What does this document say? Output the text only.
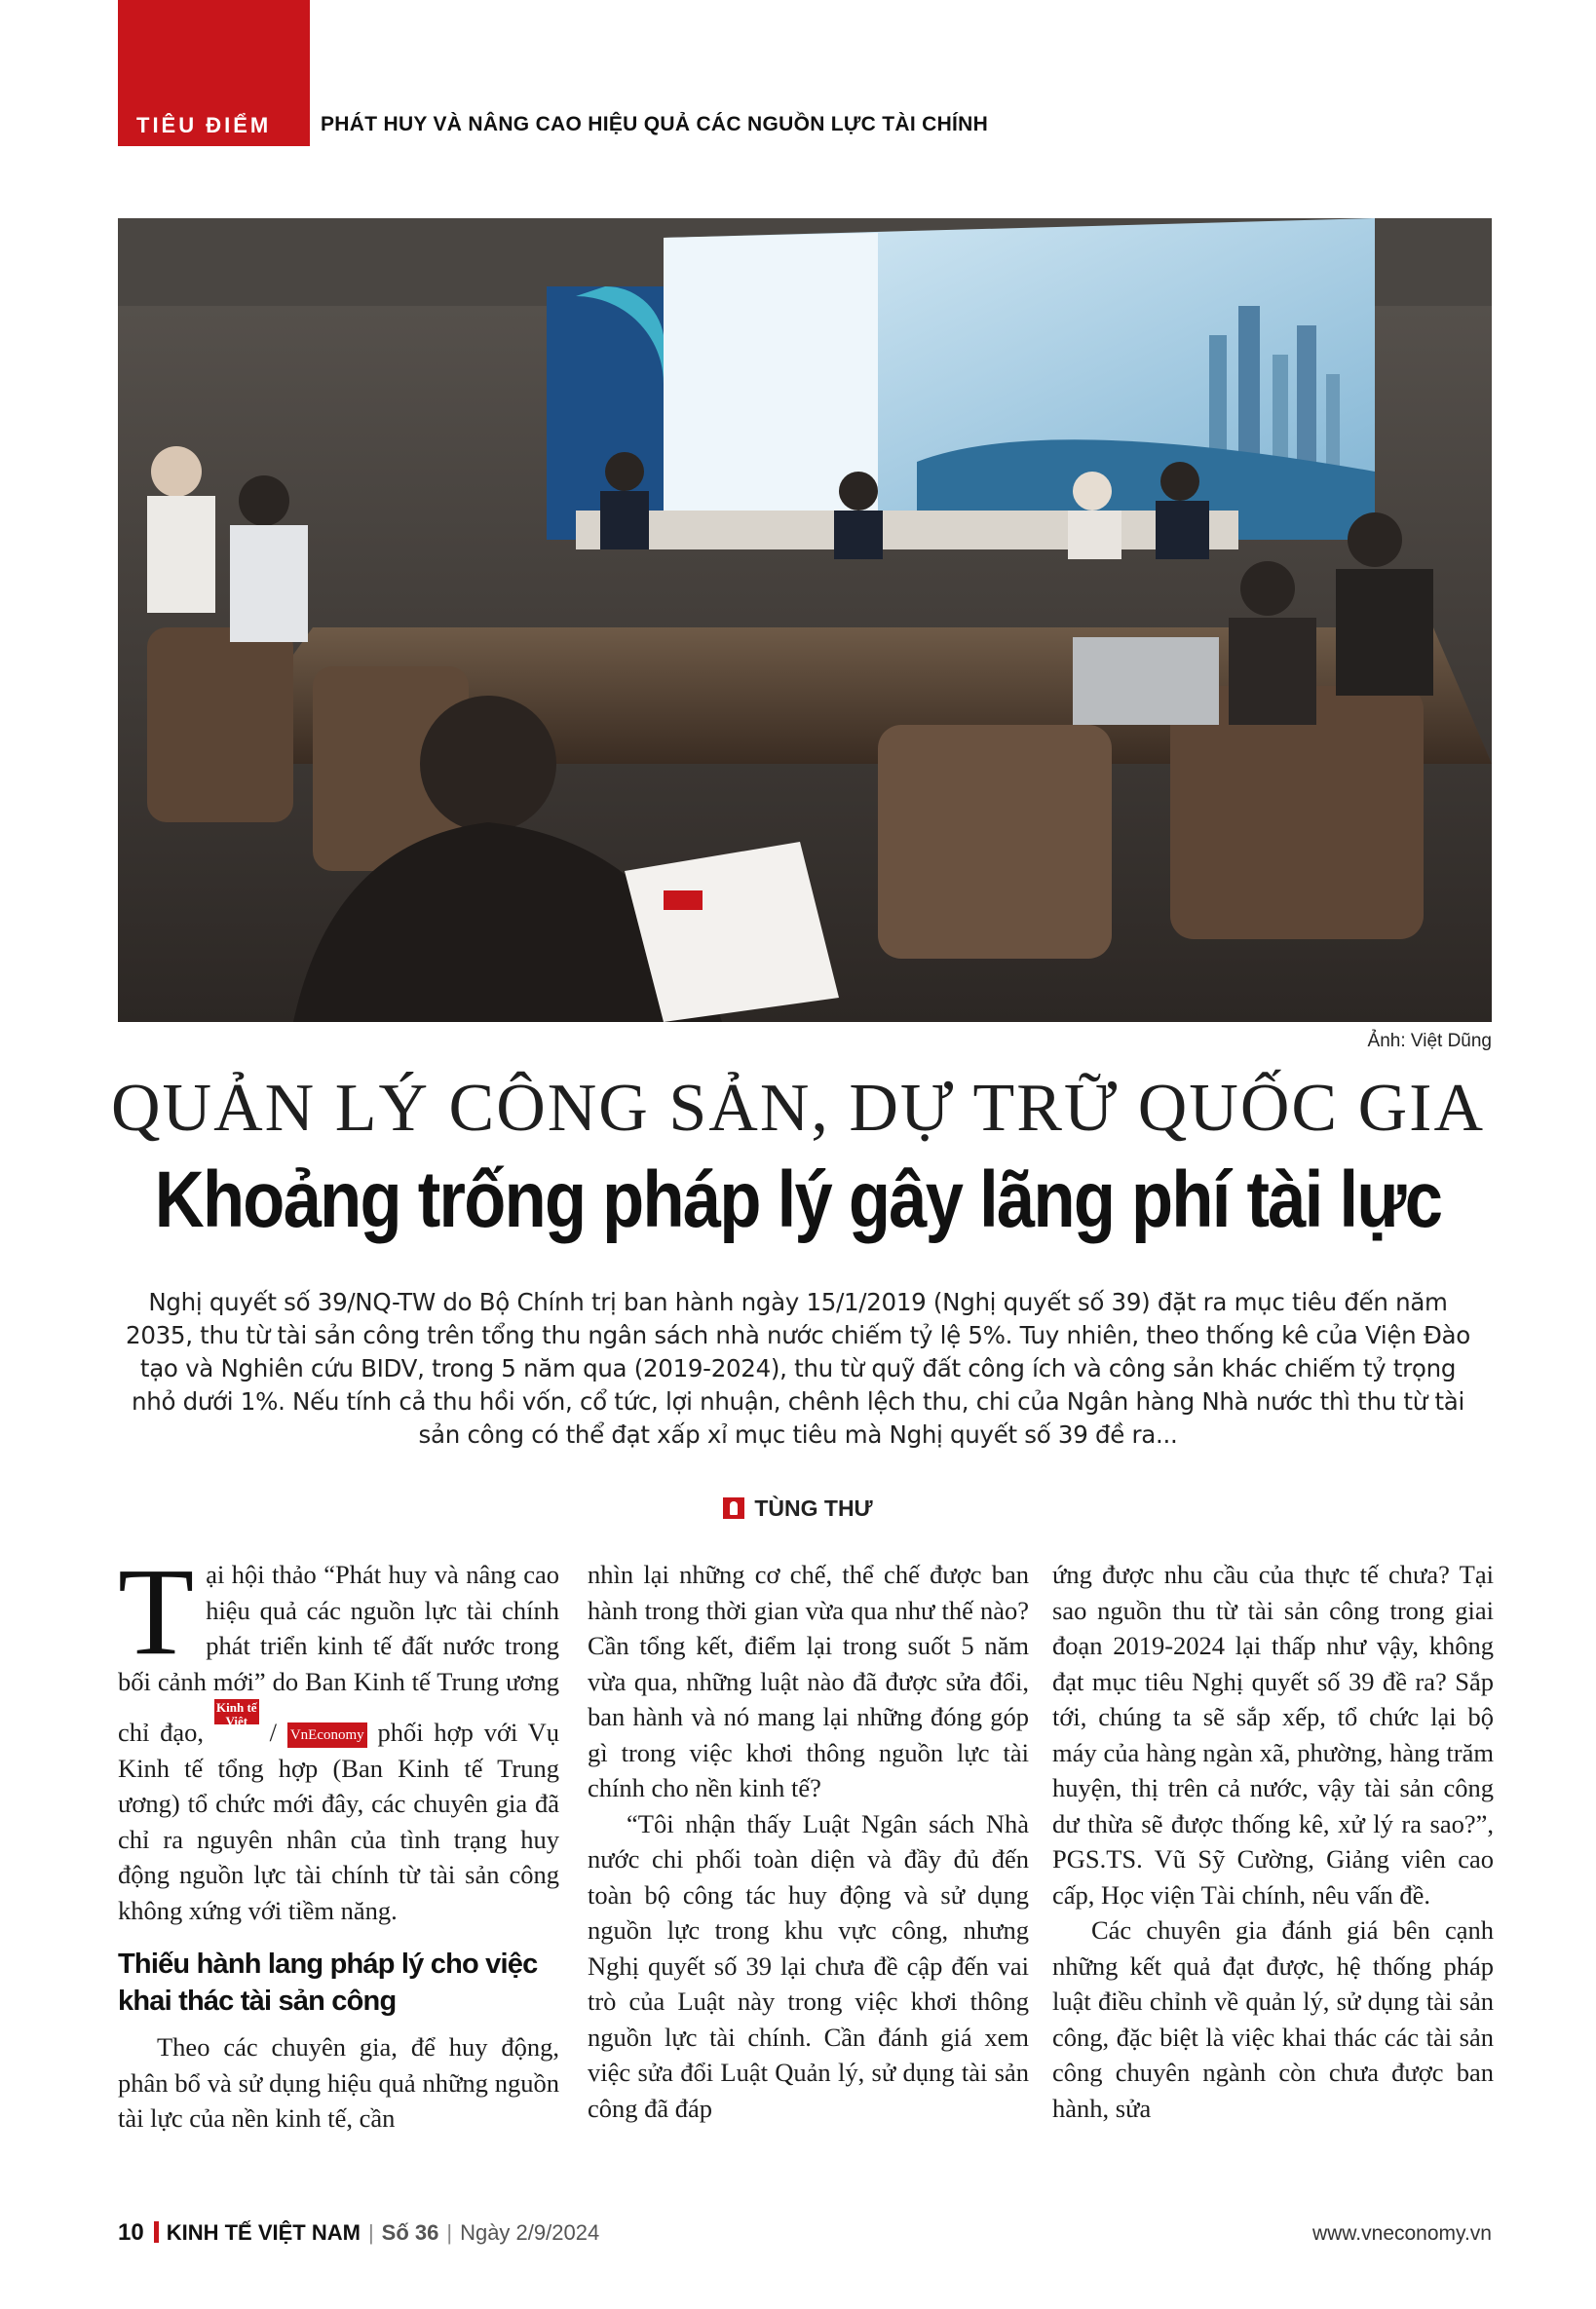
TIÊU ĐIỂM PHÁT HUY VÀ NÂNG CAO HIỆU QUẢ CÁC NGUỒN LỰC TÀI CHÍNH
Ảnh: Việt Dũng
QUẢN LÝ CÔNG SẢN, DỰ TRỮ QUỐC GIA
Khoảng trống pháp lý gây lãng phí tài lực
Nghị quyết số 39/NQ-TW do Bộ Chính trị ban hành ngày 15/1/2019 (Nghị quyết số 39) đặt ra mục tiêu đến năm 2035, thu từ tài sản công trên tổng thu ngân sách nhà nước chiếm tỷ lệ 5%. Tuy nhiên, theo thống kê của Viện Đào tạo và Nghiên cứu BIDV, trong 5 năm qua (2019-2024), thu từ quỹ đất công ích và công sản khác chiếm tỷ trọng nhỏ dưới 1%. Nếu tính cả thu hồi vốn, cổ tức, lợi nhuận, chênh lệch thu, chi của Ngân hàng Nhà nước thì thu từ tài sản công có thể đạt xấp xỉ mục tiêu mà Nghị quyết số 39 đề ra...
TÙNG THƯ

Tại hội thảo “Phát huy và nâng cao hiệu quả các nguồn lực tài chính phát triển kinh tế đất nước trong bối cảnh mới” do Ban Kinh tế Trung ương chỉ đạo, Kinh tế Việt Nam / VnEconomy phối hợp với Vụ Kinh tế tổng hợp (Ban Kinh tế Trung ương) tổ chức mới đây, các chuyên gia đã chỉ ra nguyên nhân của tình trạng huy động nguồn lực tài chính từ tài sản công không xứng với tiềm năng.

Thiếu hành lang pháp lý cho việc khai thác tài sản công

Theo các chuyên gia, để huy động, phân bổ và sử dụng hiệu quả những nguồn tài lực của nền kinh tế, cần

nhìn lại những cơ chế, thể chế được ban hành trong thời gian vừa qua như thế nào? Cần tổng kết, điểm lại trong suốt 5 năm vừa qua, những luật nào đã được sửa đổi, ban hành và nó mang lại những đóng góp gì trong việc khơi thông nguồn lực tài chính cho nền kinh tế?

“Tôi nhận thấy Luật Ngân sách Nhà nước chi phối toàn diện và đầy đủ đến toàn bộ công tác huy động và sử dụng nguồn lực trong khu vực công, nhưng Nghị quyết số 39 lại chưa đề cập đến vai trò của Luật này trong việc khơi thông nguồn lực tài chính. Cần đánh giá xem việc sửa đổi Luật Quản lý, sử dụng tài sản công đã đáp

ứng được nhu cầu của thực tế chưa? Tại sao nguồn thu từ tài sản công trong giai đoạn 2019-2024 lại thấp như vậy, không đạt mục tiêu Nghị quyết số 39 đề ra? Sắp tới, chúng ta sẽ sắp xếp, tổ chức lại bộ máy của hàng ngàn xã, phường, hàng trăm huyện, thị trên cả nước, vậy tài sản công dư thừa sẽ được thống kê, xử lý ra sao?”, PGS.TS. Vũ Sỹ Cường, Giảng viên cao cấp, Học viện Tài chính, nêu vấn đề.

Các chuyên gia đánh giá bên cạnh những kết quả đạt được, hệ thống pháp luật điều chỉnh về quản lý, sử dụng tài sản công, đặc biệt là việc khai thác các tài sản công chuyên ngành còn chưa được ban hành, sửa

10 KINH TẾ VIỆT NAM | Số 36 | Ngày 2/9/2024	www.vneconomy.vn
